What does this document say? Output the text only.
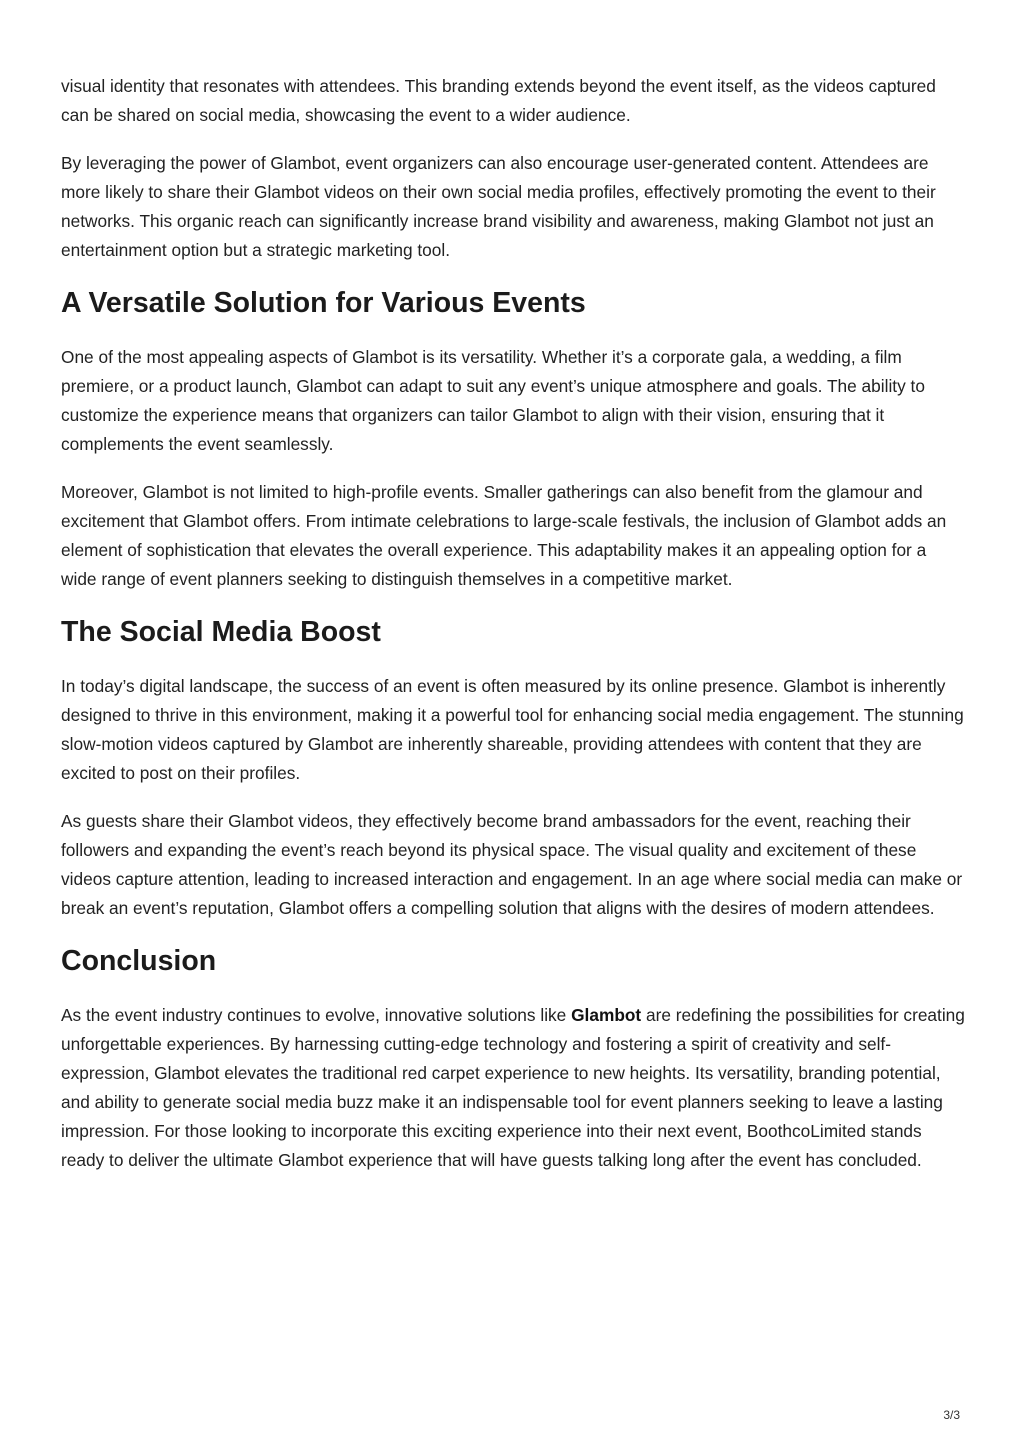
visual identity that resonates with attendees. This branding extends beyond the event itself, as the videos captured can be shared on social media, showcasing the event to a wider audience.

By leveraging the power of Glambot, event organizers can also encourage user-generated content. Attendees are more likely to share their Glambot videos on their own social media profiles, effectively promoting the event to their networks. This organic reach can significantly increase brand visibility and awareness, making Glambot not just an entertainment option but a strategic marketing tool.

A Versatile Solution for Various Events

One of the most appealing aspects of Glambot is its versatility. Whether it’s a corporate gala, a wedding, a film premiere, or a product launch, Glambot can adapt to suit any event’s unique atmosphere and goals. The ability to customize the experience means that organizers can tailor Glambot to align with their vision, ensuring that it complements the event seamlessly.

Moreover, Glambot is not limited to high-profile events. Smaller gatherings can also benefit from the glamour and excitement that Glambot offers. From intimate celebrations to large-scale festivals, the inclusion of Glambot adds an element of sophistication that elevates the overall experience. This adaptability makes it an appealing option for a wide range of event planners seeking to distinguish themselves in a competitive market.

The Social Media Boost

In today’s digital landscape, the success of an event is often measured by its online presence. Glambot is inherently designed to thrive in this environment, making it a powerful tool for enhancing social media engagement. The stunning slow-motion videos captured by Glambot are inherently shareable, providing attendees with content that they are excited to post on their profiles.

As guests share their Glambot videos, they effectively become brand ambassadors for the event, reaching their followers and expanding the event’s reach beyond its physical space. The visual quality and excitement of these videos capture attention, leading to increased interaction and engagement. In an age where social media can make or break an event’s reputation, Glambot offers a compelling solution that aligns with the desires of modern attendees.

Conclusion

As the event industry continues to evolve, innovative solutions like Glambot are redefining the possibilities for creating unforgettable experiences. By harnessing cutting-edge technology and fostering a spirit of creativity and self-expression, Glambot elevates the traditional red carpet experience to new heights. Its versatility, branding potential, and ability to generate social media buzz make it an indispensable tool for event planners seeking to leave a lasting impression. For those looking to incorporate this exciting experience into their next event, BoothcoLimited stands ready to deliver the ultimate Glambot experience that will have guests talking long after the event has concluded.

3/3
